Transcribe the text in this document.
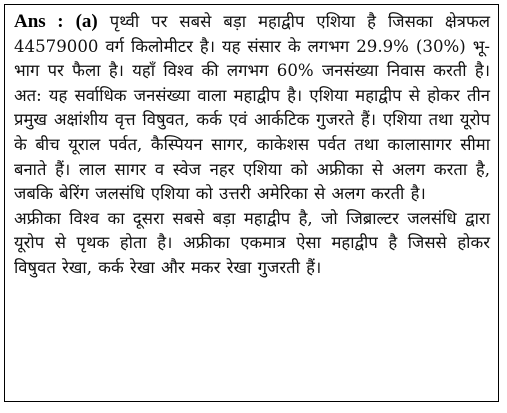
Ans : (a) पृथ्वी पर सबसे बड़ा महाद्वीप एशिया है जिसका क्षेत्रफल 44579000 वर्ग किलोमीटर है। यह संसार के लगभग 29.9% (30%) भू-भाग पर फैला है। यहाँ विश्व की लगभग 60% जनसंख्या निवास करती है। अत: यह सर्वाधिक जनसंख्या वाला महाद्वीप है। एशिया महाद्वीप से होकर तीन प्रमुख अक्षांशीय वृत्त विषुवत, कर्क एवं आर्कटिक गुजरते हैं। एशिया तथा यूरोप के बीच यूराल पर्वत, कैस्पियन सागर, काकेशस पर्वत तथा कालासागर सीमा बनाते हैं। लाल सागर व स्वेज नहर एशिया को अफ्रीका से अलग करता है, जबकि बेरिंग जलसंधि एशिया को उत्तरी अमेरिका से अलग करती है।

अफ्रीका विश्व का दूसरा सबसे बड़ा महाद्वीप है, जो जिब्राल्टर जलसंधि द्वारा यूरोप से पृथक होता है। अफ्रीका एकमात्र ऐसा महाद्वीप है जिससे होकर विषुवत रेखा, कर्क रेखा और मकर रेखा गुजरती हैं।
